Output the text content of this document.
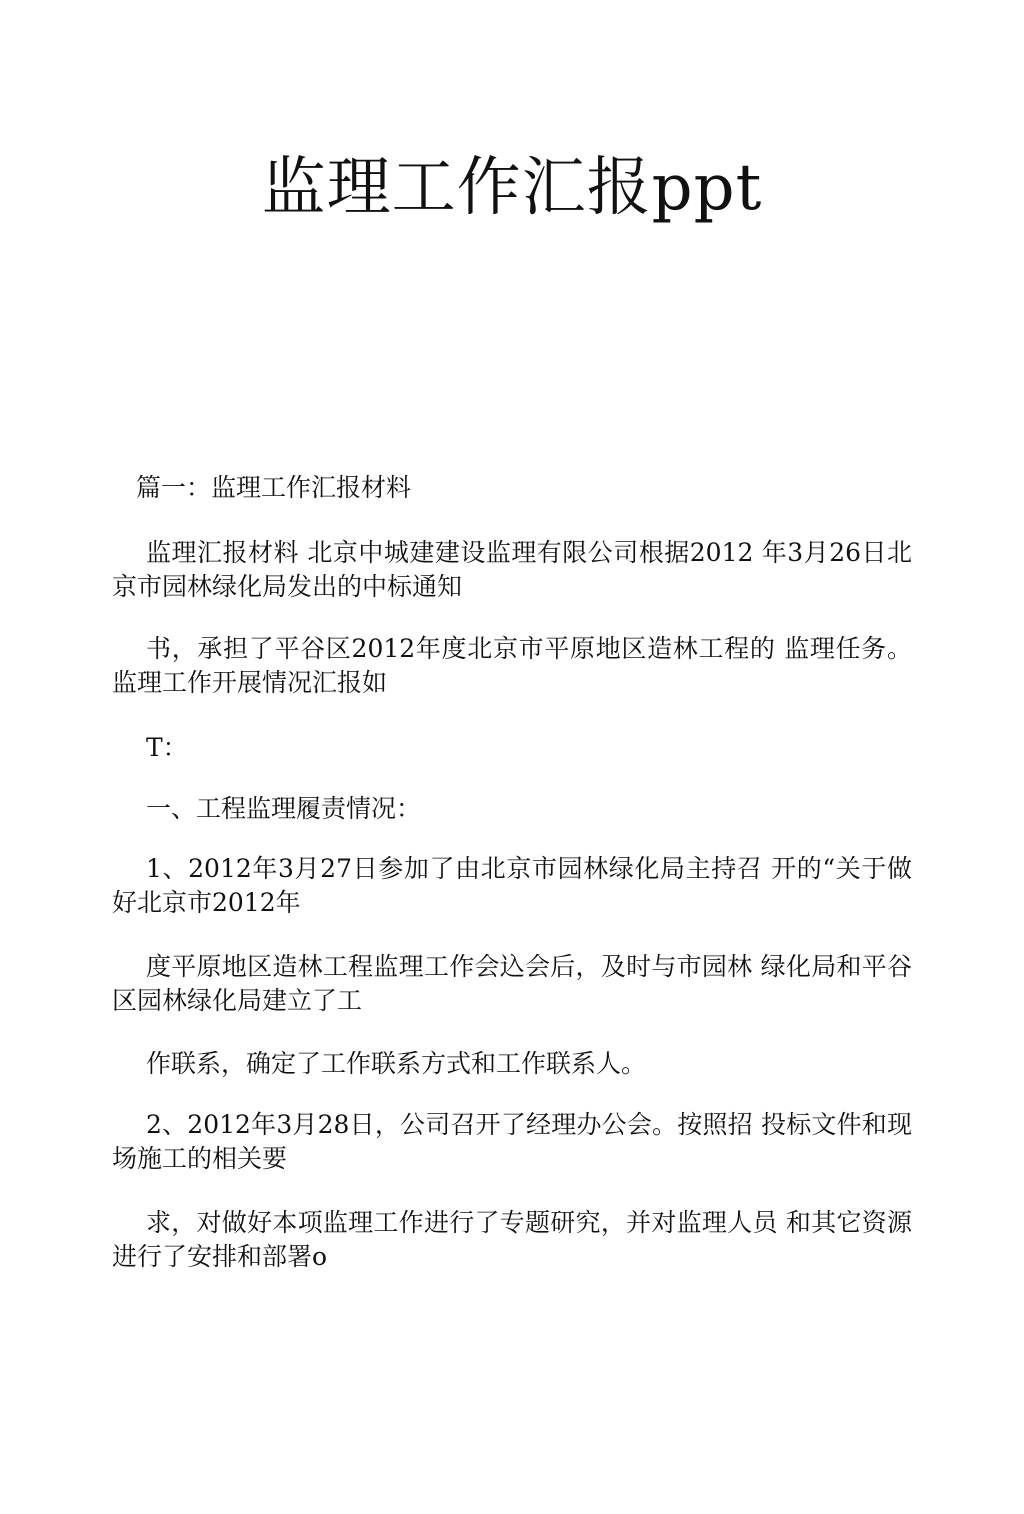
监理工作汇报ppt
篇一：监理工作汇报材料

监理汇报材料 北京中城建建设监理有限公司根据2012 年3月26日北京市园林绿化局发出的中标通知

书，承担了平谷区2012年度北京市平原地区造林工程的 监理任务。监理工作开展情况汇报如

T：

一、工程监理履责情况：

1、2012年3月27日参加了由北京市园林绿化局主持召 开的“关于做好北京市2012年

度平原地区造林工程监理工作会込会后，及时与市园林 绿化局和平谷区园林绿化局建立了工

作联系，确定了工作联系方式和工作联系人。

2、2012年3月28日，公司召开了经理办公会。按照招 投标文件和现场施工的相关要

求，对做好本项监理工作进行了专题研究，并对监理人员 和其它资源进行了安排和部署o
